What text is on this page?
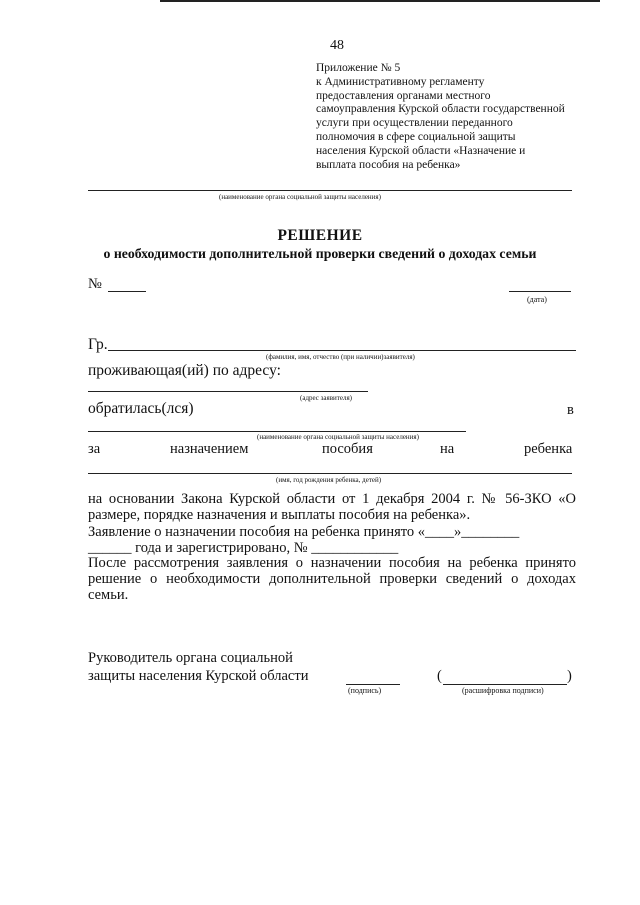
48
Приложение № 5
к Административному регламенту
предоставления органами местного
самоуправления Курской области государственной
услуги при осуществлении переданного
полномочия в сфере социальной защиты
населения Курской области «Назначение и
выплата пособия на ребенка»
(наименование органа социальной защиты населения)
РЕШЕНИЕ
о необходимости дополнительной проверки сведений о доходах семьи
№
(дата)
Гр.
(фамилия, имя, отчество (при наличии)заявителя)
проживающая(ий) по адресу:
(адрес заявителя)
обратилась(лся)	в
(наименование органа социальной защиты населения)
за	назначением	пособия	на	ребенка
(имя, год рождения ребенка, детей)
на основании Закона Курской области от 1 декабря 2004 г. № 56-ЗКО «О
размере, порядке назначения и выплаты пособия на ребенка».
Заявление о назначении пособия на ребенка принято «____»________
______ года и зарегистрировано, № ____________
После рассмотрения заявления о назначении пособия на ребенка принято
решение о необходимости дополнительной проверки сведений о доходах
семьи.
Руководитель органа социальной
защиты населения Курской области
(подпись)
(	)
(расшифровка подписи)
